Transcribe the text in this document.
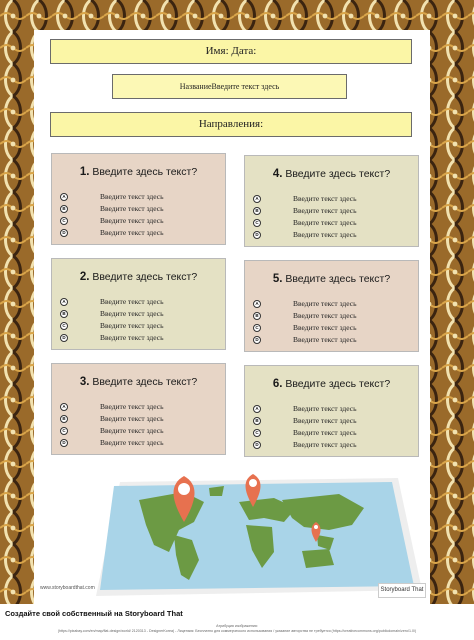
Имя: Дата:
НазваниеВведите текст здесь
Направления:
1. Введите здесь текст?
A	Введите текст здесь
B	Введите текст здесь
C	Введите текст здесь
D	Введите текст здесь
4. Введите здесь текст?
A	Введите текст здесь
B	Введите текст здесь
C	Введите текст здесь
D	Введите текст здесь
2. Введите здесь текст?
A	Введите текст здесь
B	Введите текст здесь
C	Введите текст здесь
D	Введите текст здесь
5. Введите здесь текст?
A	Введите текст здесь
B	Введите текст здесь
C	Введите текст здесь
D	Введите текст здесь
3. Введите здесь текст?
A	Введите текст здесь
B	Введите текст здесь
C	Введите текст здесь
D	Введите текст здесь
6. Введите здесь текст?
A	Введите текст здесь
B	Введите текст здесь
C	Введите текст здесь
D	Введите текст здесь
www.storyboardthat.com	Storyboard That
Создайте свой собственный на Storyboard That
Атрибуция изображения:
(https://pixabay.com/en/map/flat-design/world/ 2120313 - DesignerKorea) - Лицензия: Бесплатно для коммерческого использования / указание авторства не требуется (https://creativecommons.org/publicdomain/zero/1.0/)
